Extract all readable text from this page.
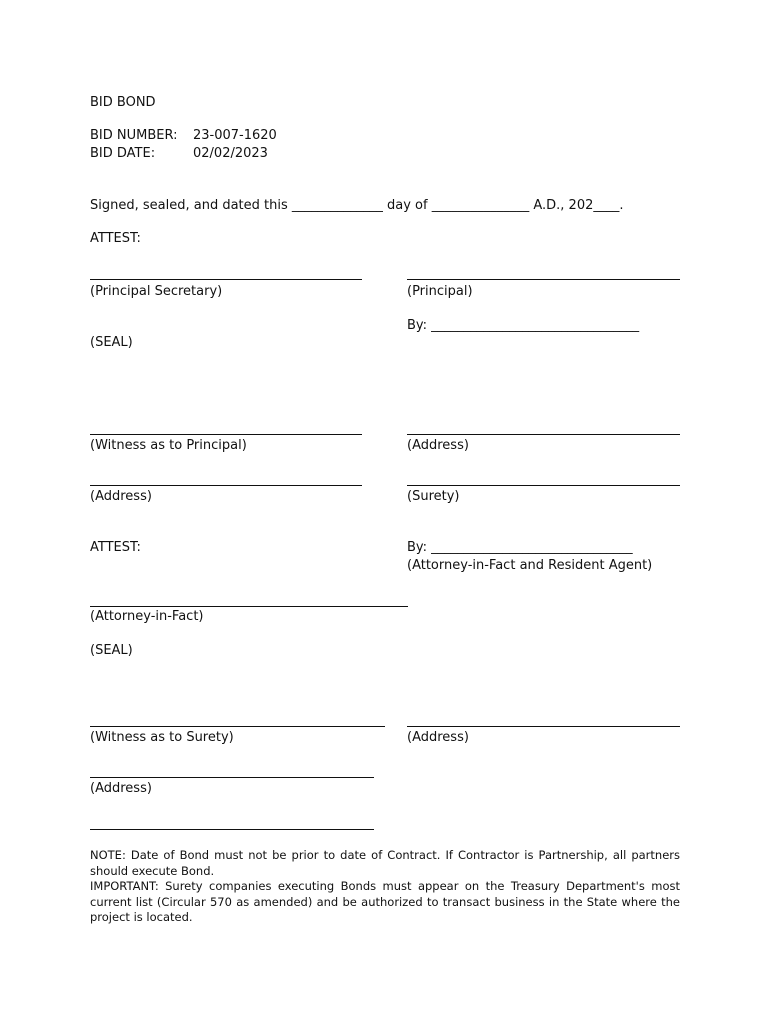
BID BOND
BID NUMBER: 23-007-1620
BID DATE:	02/02/2023
Signed, sealed, and dated this ______________ day of _______________ A.D., 202____.
ATTEST:
(Principal Secretary)	(Principal)
By: ________________________________
(SEAL)
(Witness as to Principal)	(Address)
(Address)	(Surety)
ATTEST:	By: _______________________________
(Attorney-in-Fact and Resident Agent)
(Attorney-in-Fact)
(SEAL)
(Witness as to Surety)	(Address)
(Address)

NOTE: Date of Bond must not be prior to date of Contract. If Contractor is Partnership, all partners should execute Bond.

IMPORTANT: Surety companies executing Bonds must appear on the Treasury Department's most current list (Circular 570 as amended) and be authorized to transact business in the State where the project is located.
